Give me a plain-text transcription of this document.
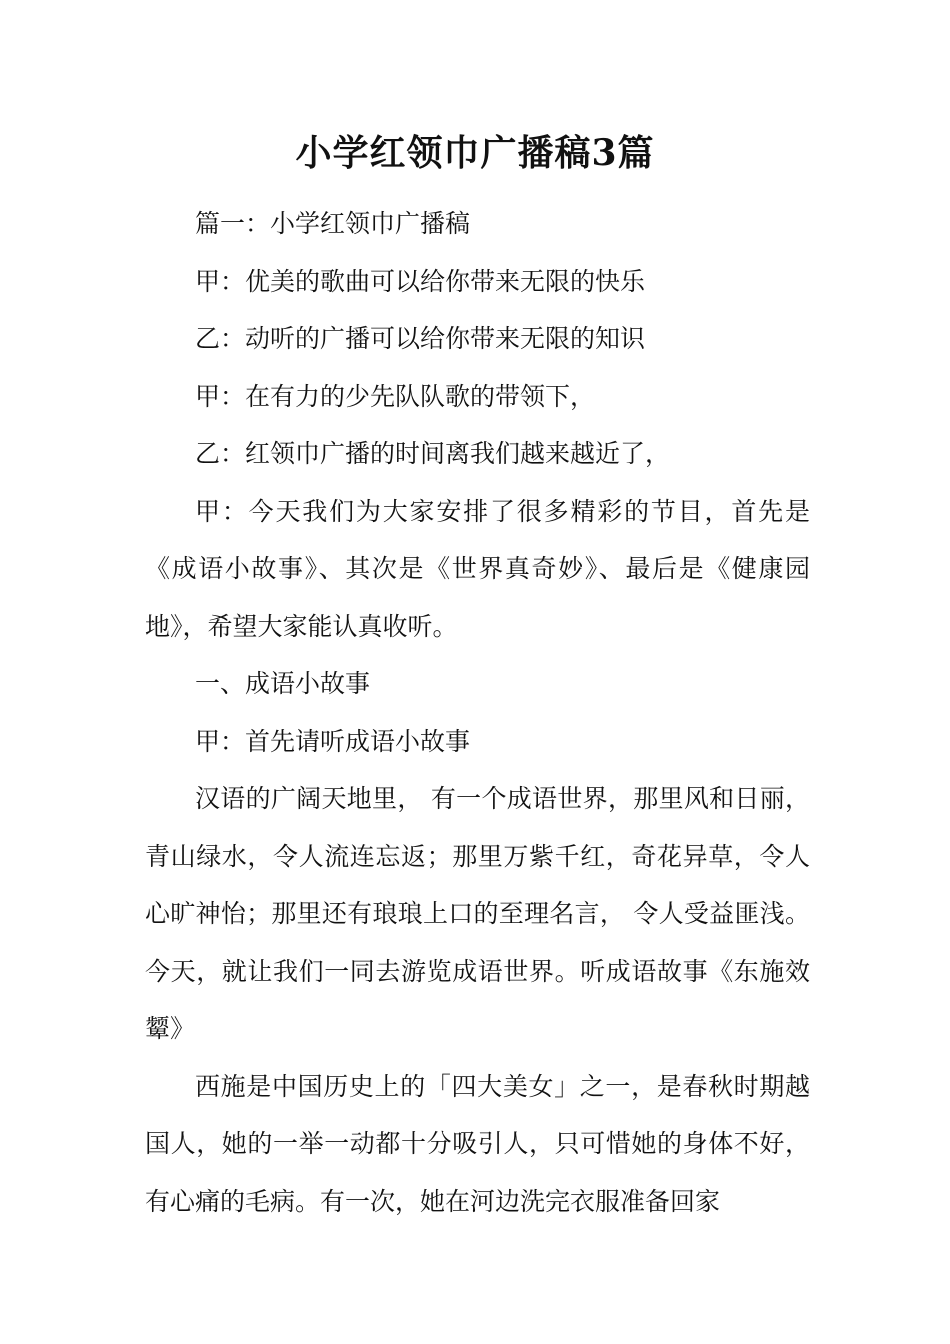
小学红领巾广播稿3篇

篇一：小学红领巾广播稿

甲：优美的歌曲可以给你带来无限的快乐

乙：动听的广播可以给你带来无限的知识

甲：在有力的少先队队歌的带领下，

乙：红领巾广播的时间离我们越来越近了，

甲：今天我们为大家安排了很多精彩的节目，首先是《成语小故事》、其次是《世界真奇妙》、最后是《健康园地》，希望大家能认真收听。

一、成语小故事

甲：首先请听成语小故事

汉语的广阔天地里， 有一个成语世界，那里风和日丽， 青山绿水，令人流连忘返；那里万紫千红，奇花异草，令人心旷神怡；那里还有琅琅上口的至理名言， 令人受益匪浅。今天，就让我们一同去游览成语世界。听成语故事《东施效颦》

西施是中国历史上的「四大美女」之一，是春秋时期越国人，她的一举一动都十分吸引人，只可惜她的身体不好，有心痛的毛病。有一次，她在河边洗完衣服准备回家
